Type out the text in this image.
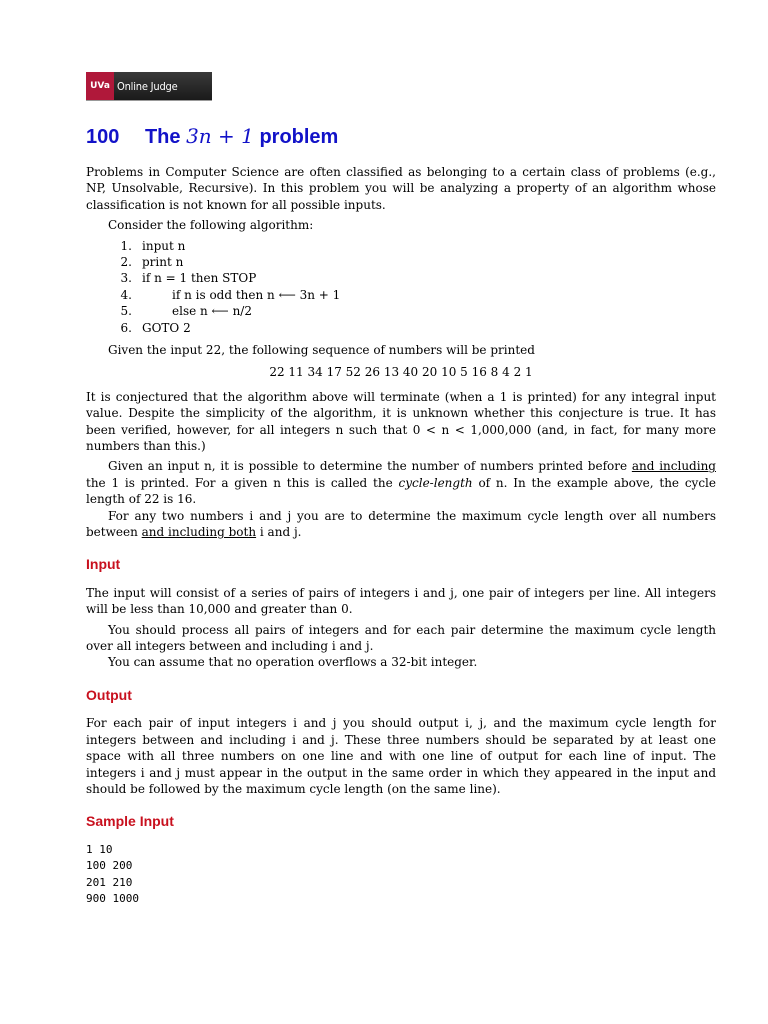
UVa Online Judge
100 The 3n + 1 problem

Problems in Computer Science are often classified as belonging to a certain class of problems (e.g., NP, Unsolvable, Recursive). In this problem you will be analyzing a property of an algorithm whose classification is not known for all possible inputs.

Consider the following algorithm:

1. input n
2. print n
3. if n = 1 then STOP
4.	if n is odd then n ⟵ 3n + 1
5.	else n ⟵ n/2
6. GOTO 2

Given the input 22, the following sequence of numbers will be printed

22 11 34 17 52 26 13 40 20 10 5 16 8 4 2 1

It is conjectured that the algorithm above will terminate (when a 1 is printed) for any integral input value. Despite the simplicity of the algorithm, it is unknown whether this conjecture is true. It has been verified, however, for all integers n such that 0 < n < 1,000,000 (and, in fact, for many more numbers than this.)

Given an input n, it is possible to determine the number of numbers printed before and including the 1 is printed. For a given n this is called the cycle-length of n. In the example above, the cycle length of 22 is 16.

For any two numbers i and j you are to determine the maximum cycle length over all numbers between and including both i and j.

Input

The input will consist of a series of pairs of integers i and j, one pair of integers per line. All integers will be less than 10,000 and greater than 0.

You should process all pairs of integers and for each pair determine the maximum cycle length over all integers between and including i and j.

You can assume that no operation overflows a 32-bit integer.

Output

For each pair of input integers i and j you should output i, j, and the maximum cycle length for integers between and including i and j. These three numbers should be separated by at least one space with all three numbers on one line and with one line of output for each line of input. The integers i and j must appear in the output in the same order in which they appeared in the input and should be followed by the maximum cycle length (on the same line).

Sample Input
1 10
100 200
201 210
900 1000
